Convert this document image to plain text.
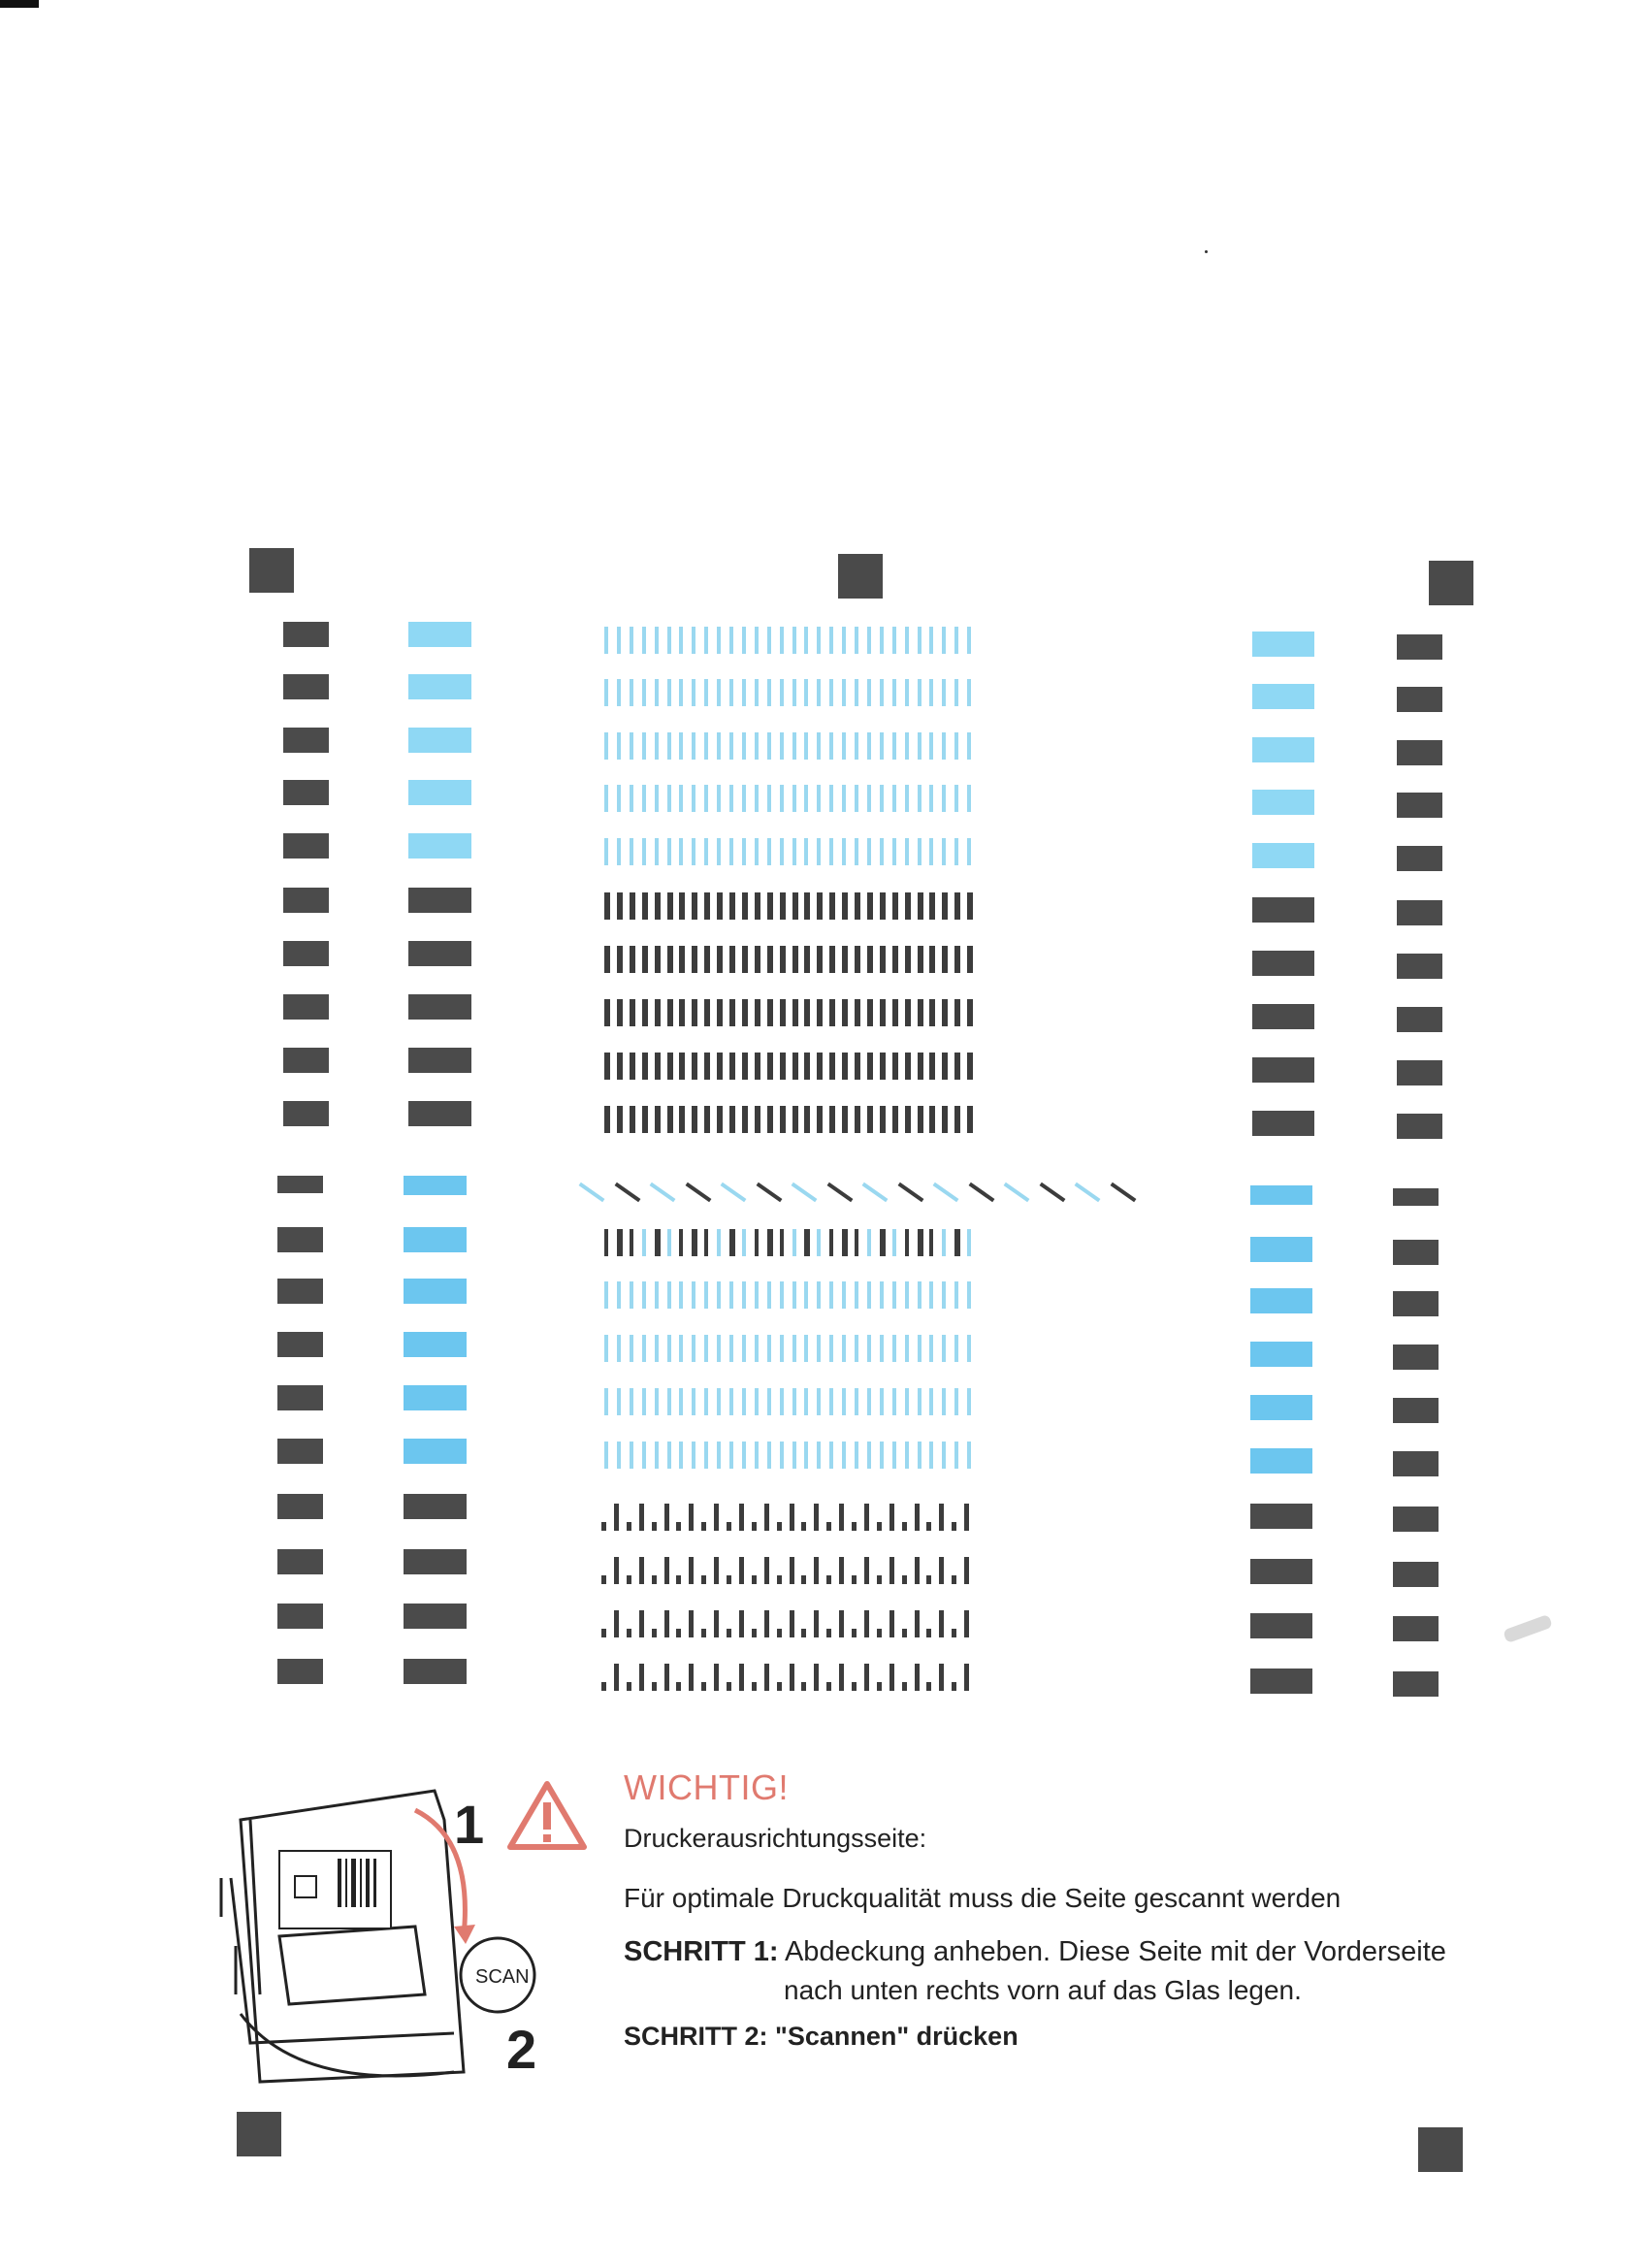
SCAN
1
2
WICHTIG!
Druckerausrichtungsseite:
Für optimale Druckqualität muss die Seite gescannt werden
SCHRITT 1: Abdeckung anheben. Diese Seite mit der Vorderseite
nach unten rechts vorn auf das Glas legen.
SCHRITT 2: "Scannen" drücken
